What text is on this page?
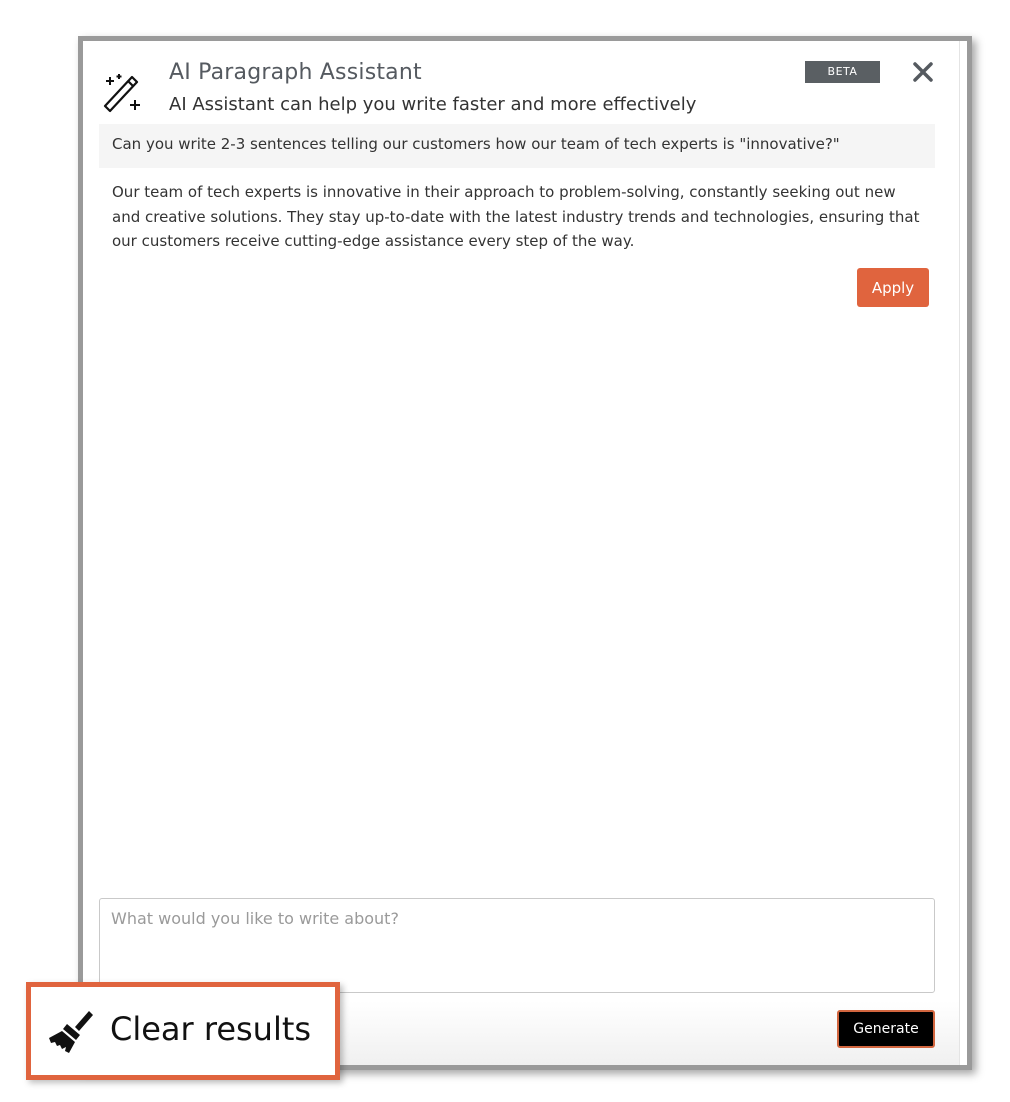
AI Paragraph Assistant
AI Assistant can help you write faster and more effectively
BETA
Can you write 2-3 sentences telling our customers how our team of tech experts is "innovative?"
Our team of tech experts is innovative in their approach to problem-solving, constantly seeking out new and creative solutions. They stay up-to-date with the latest industry trends and technologies, ensuring that our customers receive cutting-edge assistance every step of the way.
Apply
What would you like to write about?
Generate
Clear results
